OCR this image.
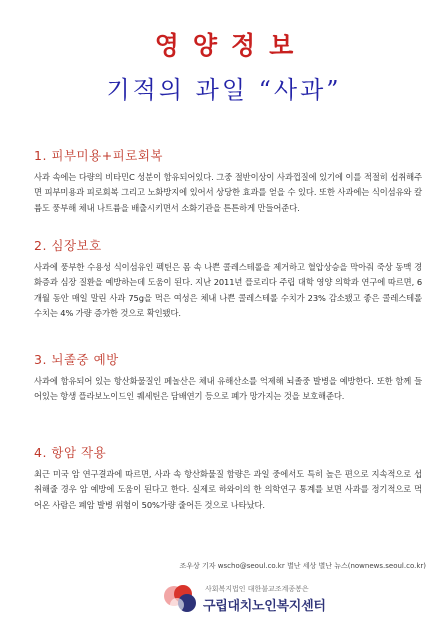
영양정보
기적의 과일 “사과”
1. 피부미용+피로회복

사과 속에는 다량의 비타민C 성분이 함유되어있다. 그중 절반이상이 사과껍질에 있기에 이를 적절히 섭취해주면 피부미용과 피로회복 그리고 노화방지에 있어서 상당한 효과를 얻을 수 있다. 또한 사과에는 식이섬유와 칼륨도 풍부해 체내 나트륨을 배출시키면서 소화기관을 튼튼하게 만들어준다.

2. 심장보호

사과에 풍부한 수용성 식이섬유인 펙틴은 몸 속 나쁜 콜레스테롤을 제거하고 혈압상승을 막아줘 죽상 동맥 경화증과 심장 질환을 예방하는데 도움이 된다. 지난 2011년 플로리다 주립 대학 영양 의학과 연구에 따르면, 6개월 동안 매일 말린 사과 75g을 먹은 여성은 체내 나쁜 콜레스테롤 수치가 23% 감소됐고 좋은 콜레스테롤 수치는 4% 가량 증가한 것으로 확인됐다.

3. 뇌졸중 예방

사과에 함유되어 있는 항산화물질인 페놀산은 체내 유해산소를 억제해 뇌졸중 발병을 예방한다. 또한 함께 들어있는 항생 플라보노이드인 퀘세틴은 담배연기 등으로 폐가 망가지는 것을 보호해준다.

4. 항암 작용

최근 미국 암 연구결과에 따르면, 사과 속 항산화물질 함량은 과일 중에서도 특히 높은 편으로 지속적으로 섭취해줄 경우 암 예방에 도움이 된다고 한다. 실제로 하와이의 한 의학연구 통계를 보면 사과를 정기적으로 먹어온 사람은 폐암 발병 위험이 50%가량 줄어든 것으로 나타났다.

조우상 기자 wscho@seoul.co.kr 별난 세상 별난 뉴스(nownews.seoul.co.kr)
사회복지법인 대한불교조계종봉은
구립대치노인복지센터
